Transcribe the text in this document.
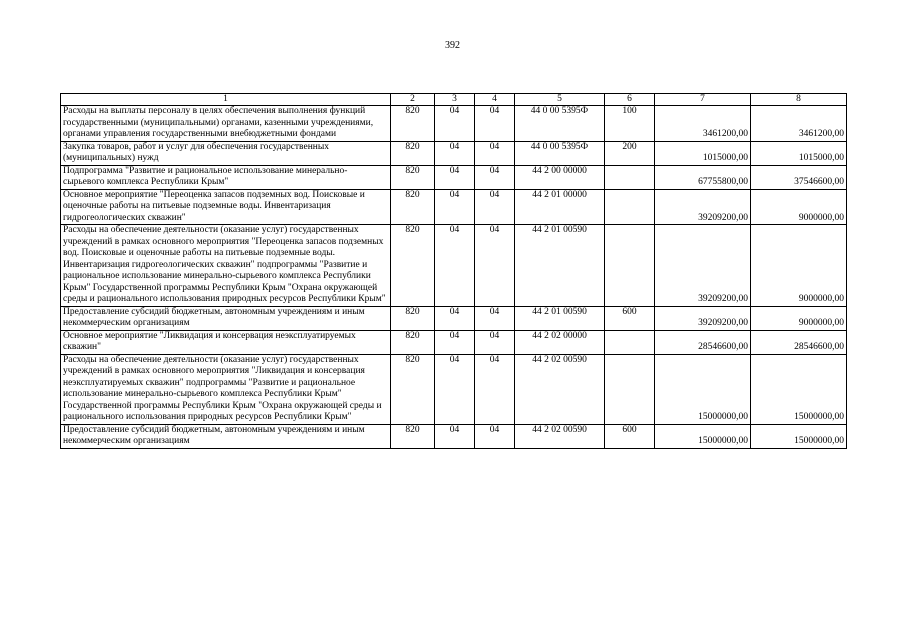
392
1	2	3	4	5	6	7	8
Расходы на выплаты персоналу в целях обеспечения выполнения функций государственными (муниципальными) органами, казенными учреждениями, органами управления государственными внебюджетными фондами	820	04	04	44 0 00 5395Ф	100	3461200,00	3461200,00
Закупка товаров, работ и услуг для обеспечения государственных (муниципальных) нужд	820	04	04	44 0 00 5395Ф	200	1015000,00	1015000,00
Подпрограмма "Развитие и рациональное использование минерально-сырьевого комплекса Республики Крым"	820	04	04	44 2 00 00000		67755800,00	37546600,00
Основное мероприятие "Переоценка запасов подземных вод. Поисковые и оценочные работы на питьевые подземные воды. Инвентаризация гидрогеологических скважин"	820	04	04	44 2 01 00000		39209200,00	9000000,00
Расходы на обеспечение деятельности (оказание услуг) государственных учреждений в рамках основного мероприятия "Переоценка запасов подземных вод. Поисковые и оценочные работы на питьевые подземные воды. Инвентаризация гидрогеологических скважин" подпрограммы "Развитие и рациональное использование минерально-сырьевого комплекса Республики Крым" Государственной программы Республики Крым "Охрана окружающей среды и рационального использования природных ресурсов Республики Крым"	820	04	04	44 2 01 00590		39209200,00	9000000,00
Предоставление субсидий бюджетным, автономным учреждениям и иным некоммерческим организациям	820	04	04	44 2 01 00590	600	39209200,00	9000000,00
Основное мероприятие "Ликвидация и консервация неэксплуатируемых скважин"	820	04	04	44 2 02 00000		28546600,00	28546600,00
Расходы на обеспечение деятельности (оказание услуг) государственных учреждений в рамках основного мероприятия "Ликвидация и консервация неэксплуатируемых скважин" подпрограммы "Развитие и рациональное использование минерально-сырьевого комплекса Республики Крым" Государственной программы Республики Крым "Охрана окружающей среды и рационального использования природных ресурсов Республики Крым"	820	04	04	44 2 02 00590		15000000,00	15000000,00
Предоставление субсидий бюджетным, автономным учреждениям и иным некоммерческим организациям	820	04	04	44 2 02 00590	600	15000000,00	15000000,00
